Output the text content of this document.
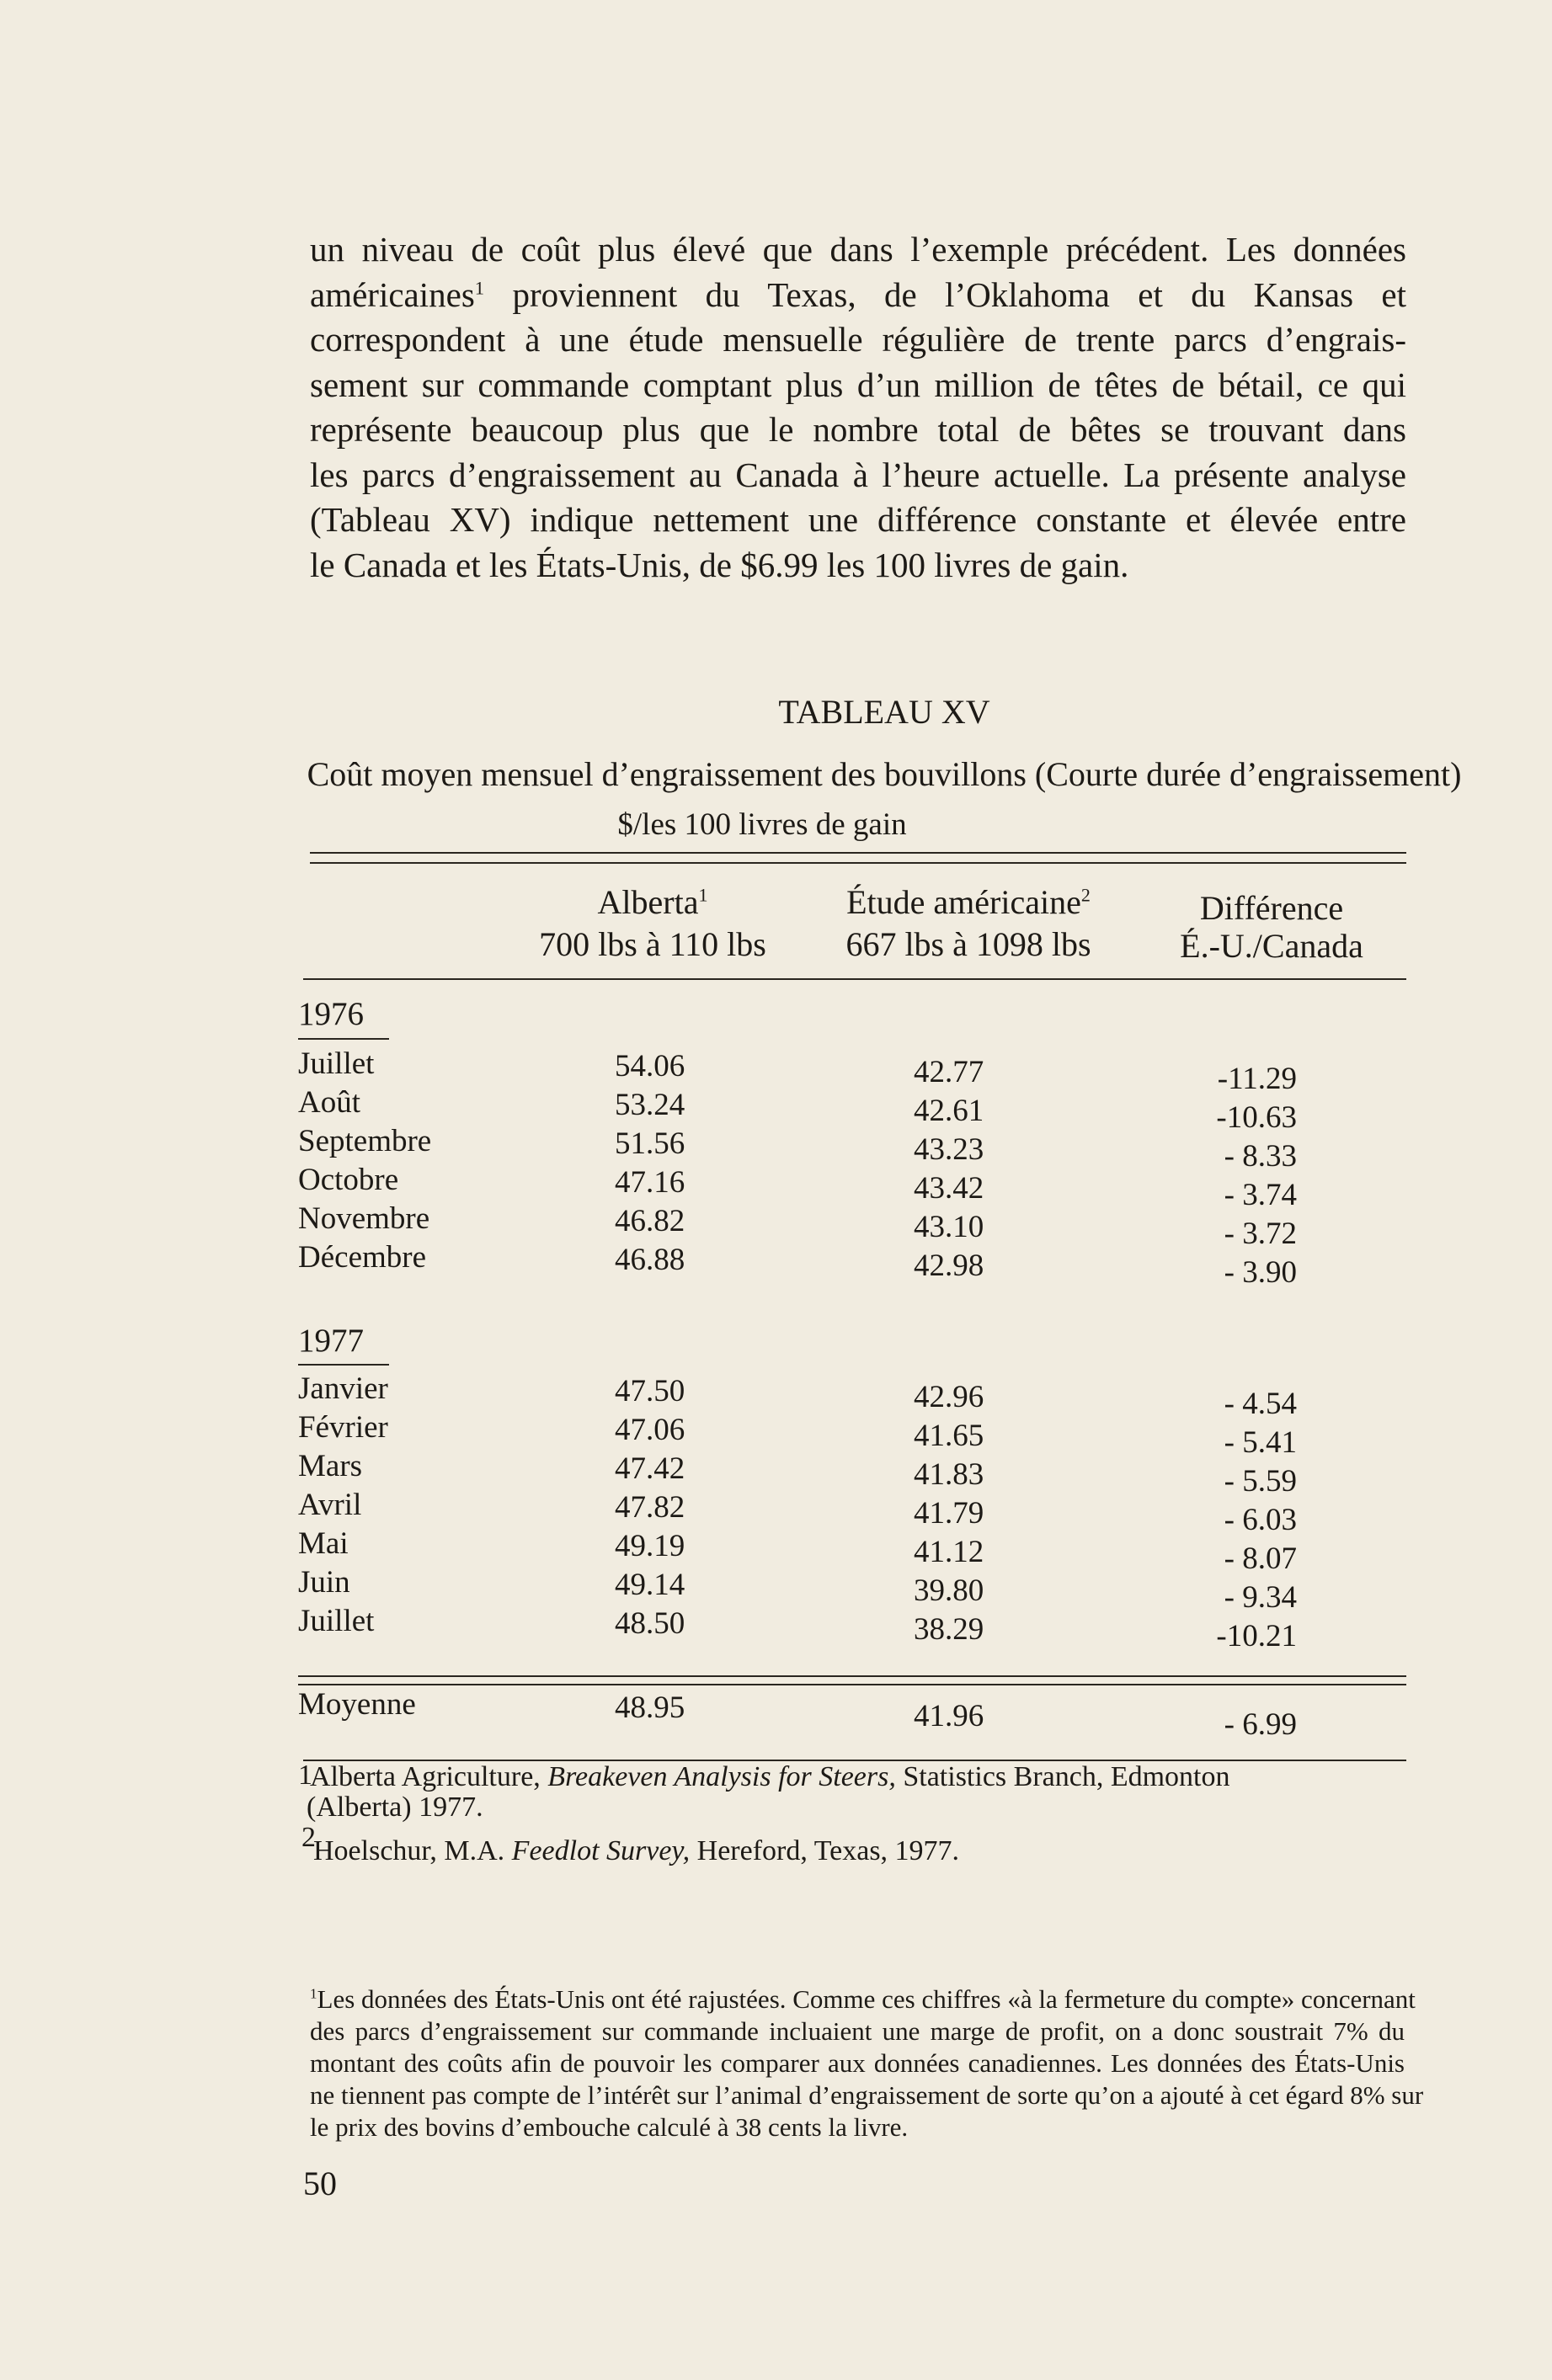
un niveau de coût plus élevé que dans l’exemple précédent. Les données
américaines$^1$ proviennent du Texas, de l’Oklahoma et du Kansas et
correspondent à une étude mensuelle régulière de trente parcs d’engrais-
sement sur commande comptant plus d’un million de têtes de bétail, ce qui
représente beaucoup plus que le nombre total de bêtes se trouvant dans
les parcs d’engraissement au Canada à l’heure actuelle. La présente analyse
(Tableau XV) indique nettement une différence constante et élevée entre
le Canada et les États-Unis, de $6.99 les 100 livres de gain.
TABLEAU XV
Coût moyen mensuel d’engraissement des bouvillons (Courte durée d’engraissement)
$/les 100 livres de gain
Alberta$^1$
700 lbs à 110 lbs
Étude américaine$^2$
667 lbs à 1098 lbs
Différence
É.-U./Canada
1976
Juillet	54.06	42.77	-11.29
Août	53.24	42.61	-10.63
Septembre	51.56	43.23	- 8.33
Octobre	47.16	43.42	- 3.74
Novembre	46.82	43.10	- 3.72
Décembre	46.88	42.98	- 3.90
1977
Janvier	47.50	42.96	- 4.54
Février	47.06	41.65	- 5.41
Mars	47.42	41.83	- 5.59
Avril	47.82	41.79	- 6.03
Mai	49.19	41.12	- 8.07
Juin	49.14	39.80	- 9.34
Juillet	48.50	38.29	-10.21
Moyenne	48.95	41.96	- 6.99
1
Alberta Agriculture, Breakeven Analysis for Steers, Statistics Branch, Edmonton
(Alberta) 1977.
2
Hoelschur, M.A. Feedlot Survey, Hereford, Texas, 1977.
$^1$Les données des États-Unis ont été rajustées. Comme ces chiffres «à la fermeture du compte» concernant
des parcs d’engraissement sur commande incluaient une marge de profit, on a donc soustrait 7% du
montant des coûts afin de pouvoir les comparer aux données canadiennes. Les données des États-Unis
ne tiennent pas compte de l’intérêt sur l’animal d’engraissement de sorte qu’on a ajouté à cet égard 8% sur
le prix des bovins d’embouche calculé à 38 cents la livre.
50
